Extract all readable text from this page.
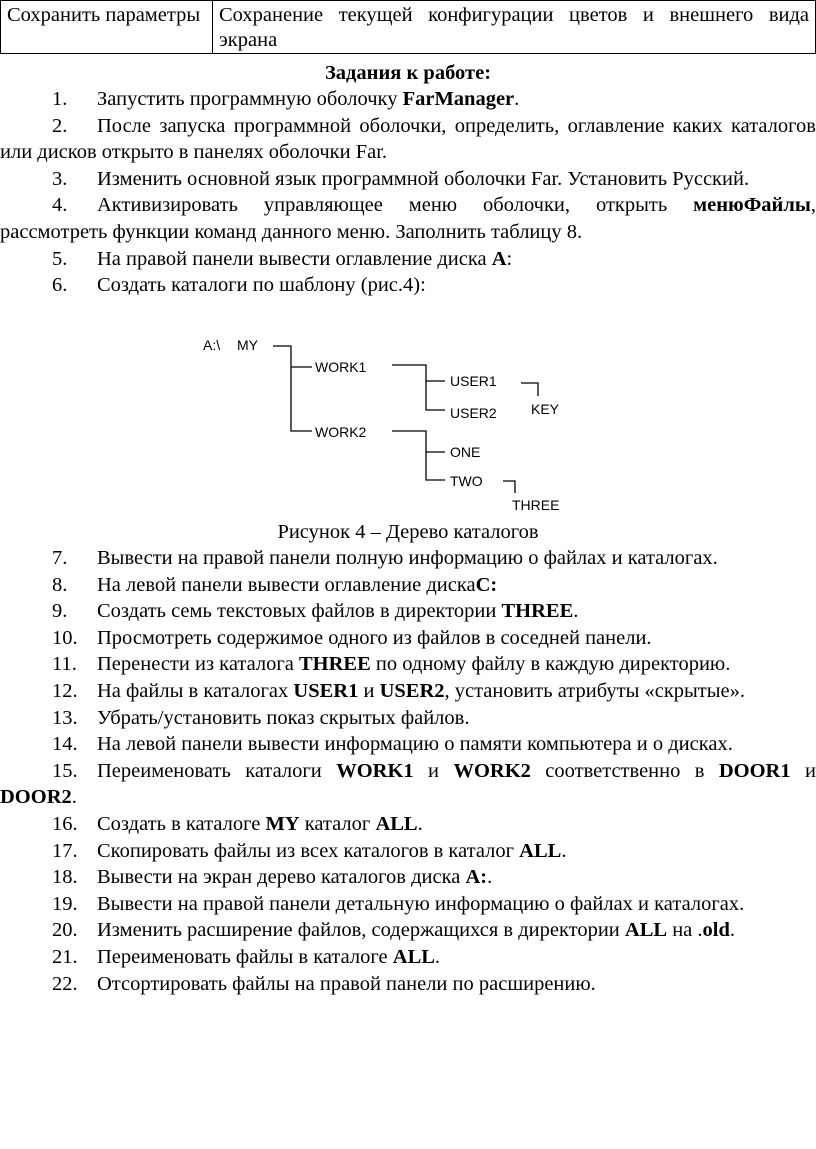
Сохранить параметры	Сохранение текущей конфигурации цветов и внешнего вида экрана
Задания к работе:

1. Запустить программную оболочку FarManager.

2. После запуска программной оболочки, определить, оглавление каких каталогов или дисков открыто в панелях оболочки Far.

3. Изменить основной язык программной оболочки Far. Установить Русский.

4. Активизировать управляющее меню оболочки, открыть менюФайлы, рассмотреть функции команд данного меню. Заполнить таблицу 8.

5. На правой панели вывести оглавление диска А:

6. Создать каталоги по шаблону (рис.4):

A:\ MY
WORK1
WORK2
USER1
USER2 KEY
ONE
TWO
THREE
Рисунок 4 – Дерево каталогов

7. Вывести на правой панели полную информацию о файлах и каталогах.

8. На левой панели вывести оглавление дискаС:

9. Создать семь текстовых файлов в директории THREE.

10. Просмотреть содержимое одного из файлов в соседней панели.

11. Перенести из каталога THREE по одному файлу в каждую директорию.

12. На файлы в каталогах USER1 и USER2, установить атрибуты «скрытые».

13. Убрать/установить показ скрытых файлов.

14. На левой панели вывести информацию о памяти компьютера и о дисках.

15. Переименовать каталоги WORK1 и WORK2 соответственно в DOOR1 и DOOR2.

16. Создать в каталоге MY каталог ALL.

17. Скопировать файлы из всех каталогов в каталог ALL.

18. Вывести на экран дерево каталогов диска А:.

19. Вывести на правой панели детальную информацию о файлах и каталогах.

20. Изменить расширение файлов, содержащихся в директории ALL на .old.

21. Переименовать файлы в каталоге ALL.

22. Отсортировать файлы на правой панели по расширению.
